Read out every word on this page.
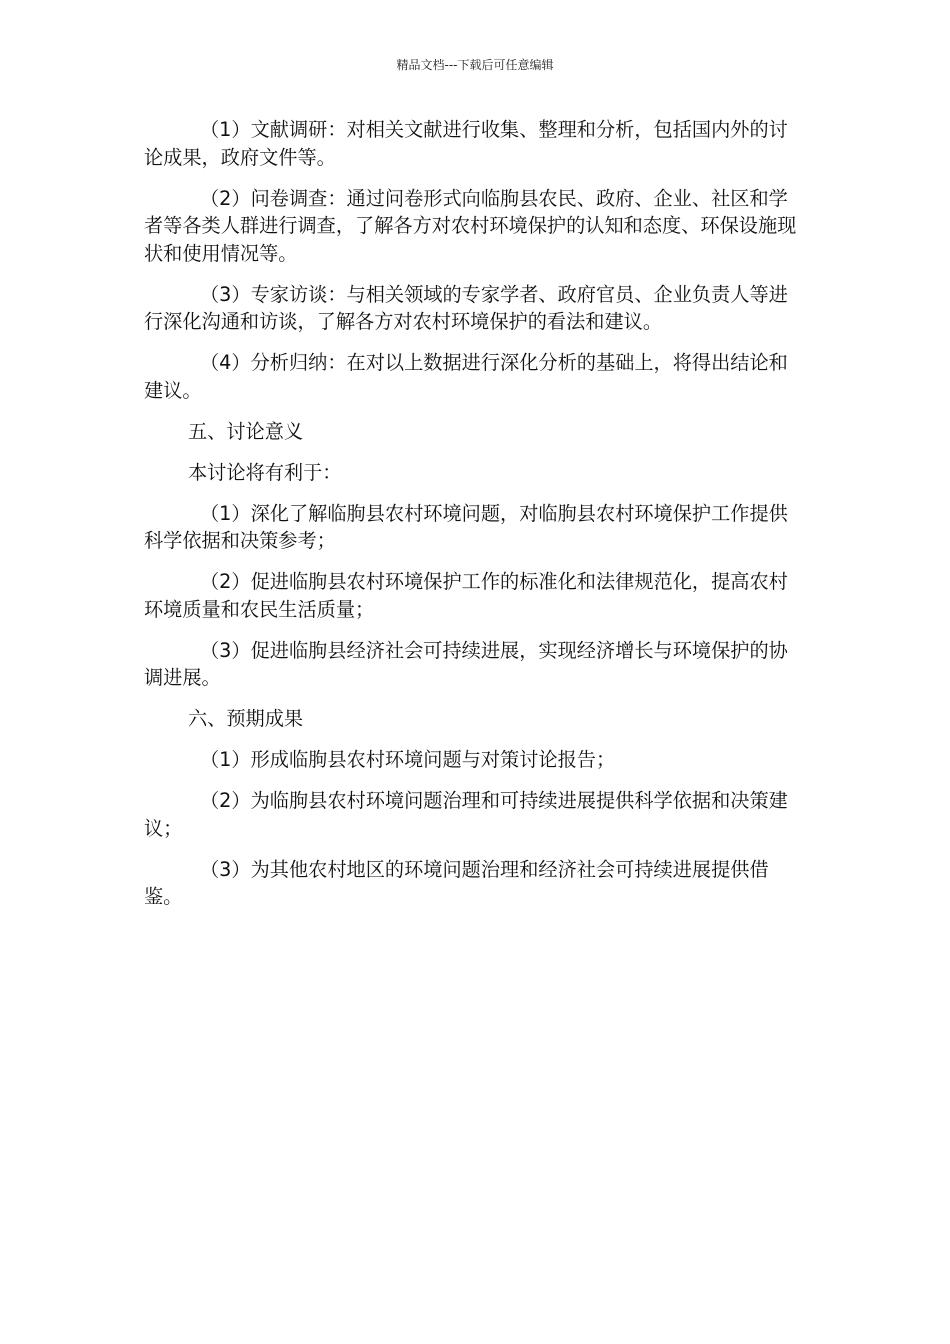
精品文档---下载后可任意编辑

（1）文献调研：对相关文献进行收集、整理和分析，包括国内外的讨论成果，政府文件等。

（2）问卷调查：通过问卷形式向临朐县农民、政府、企业、社区和学者等各类人群进行调查，了解各方对农村环境保护的认知和态度、环保设施现状和使用情况等。

（3）专家访谈：与相关领域的专家学者、政府官员、企业负责人等进行深化沟通和访谈，了解各方对农村环境保护的看法和建议。

（4）分析归纳：在对以上数据进行深化分析的基础上，将得出结论和建议。

五、讨论意义

本讨论将有利于：

（1）深化了解临朐县农村环境问题，对临朐县农村环境保护工作提供科学依据和决策参考；

（2）促进临朐县农村环境保护工作的标准化和法律规范化，提高农村环境质量和农民生活质量；

（3）促进临朐县经济社会可持续进展，实现经济增长与环境保护的协调进展。

六、预期成果

（1）形成临朐县农村环境问题与对策讨论报告；

（2）为临朐县农村环境问题治理和可持续进展提供科学依据和决策建议；

（3）为其他农村地区的环境问题治理和经济社会可持续进展提供借鉴。
